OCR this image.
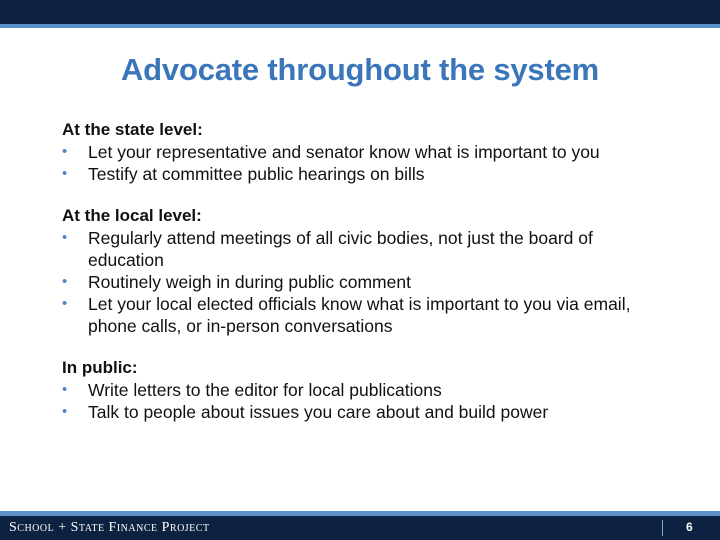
Advocate throughout the system
At the state level:
• Let your representative and senator know what is important to you
• Testify at committee public hearings on bills
At the local level:
• Regularly attend meetings of all civic bodies, not just the board of education
• Routinely weigh in during public comment
• Let your local elected officials know what is important to you via email, phone calls, or in-person conversations
In public:
• Write letters to the editor for local publications
• Talk to people about issues you care about and build power
School + State Finance Project	6
